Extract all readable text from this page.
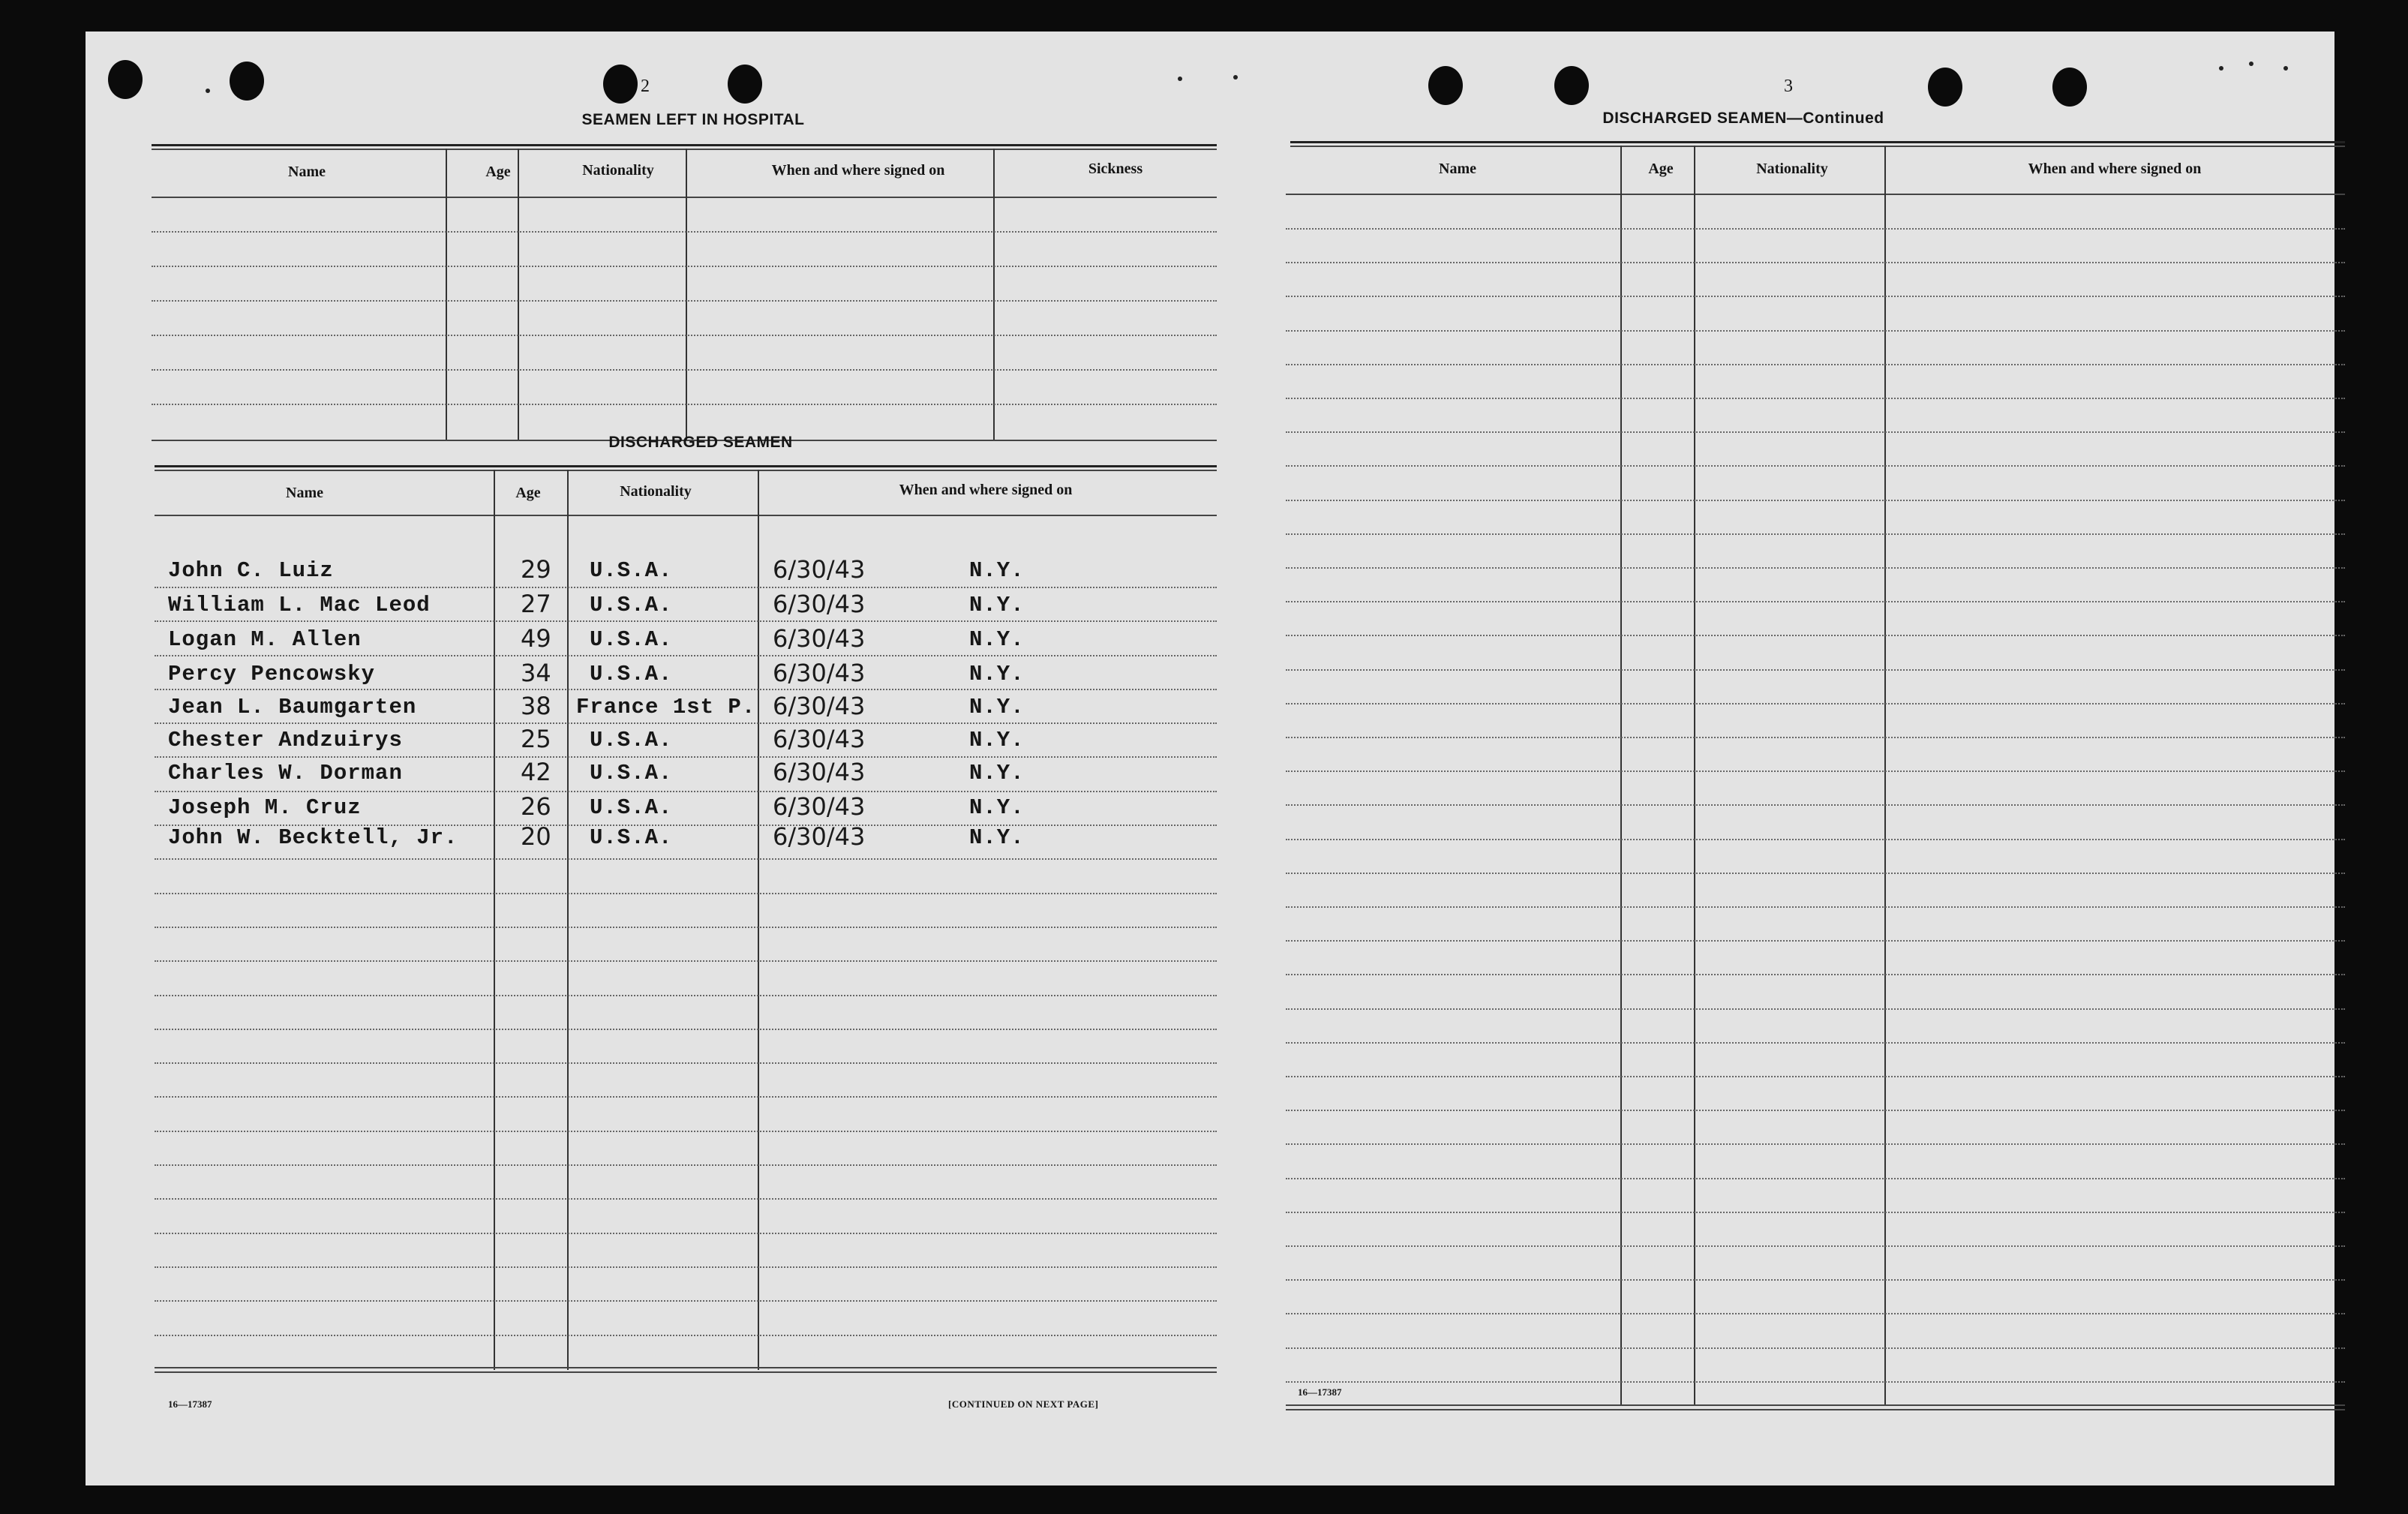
2
SEAMEN LEFT IN HOSPITAL
Name	Age	Nationality	When and where signed on	Sickness
DISCHARGED SEAMEN
Name	Age	Nationality	When and where signed on
John C. Luiz	29 U.S.A.	6/30/43	N.Y.
William L. Mac Leod	27 U.S.A.	6/30/43	N.Y.
Logan M. Allen	49 U.S.A.	6/30/43	N.Y.
Percy Pencowsky	34 U.S.A.	6/30/43	N.Y.
Jean L. Baumgarten	38 France 1st P. 6/30/43	N.Y.
Chester Andzuirys	25 U.S.A.	6/30/43	N.Y.
Charles W. Dorman	42 U.S.A.	6/30/43	N.Y.
Joseph M. Cruz	26 U.S.A.	6/30/43	N.Y.
John W. Becktell, Jr.	20 U.S.A.	6/30/43	N.Y.
16—17387	[CONTINUED ON NEXT PAGE]
3
DISCHARGED SEAMEN—Continued
Name	Age	Nationality	When and where signed on
16—17387
